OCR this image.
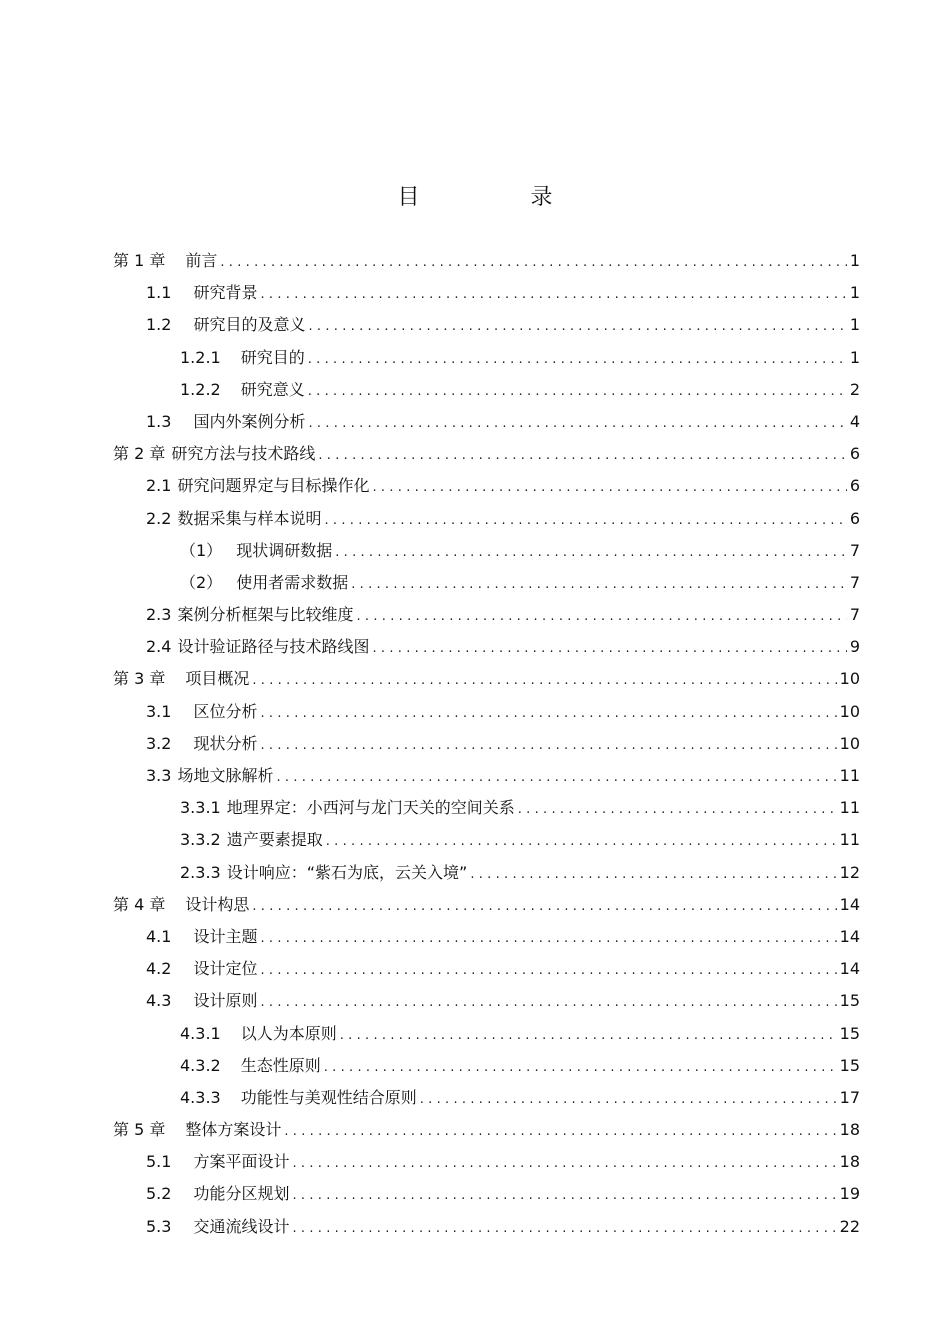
目 录
第 1 章 前言 .....	1
1.1 研究背景 .....	1
1.2 研究目的及意义 .....	1
1.2.1 研究目的 .....	1
1.2.2 研究意义 .....	2
1.3 国内外案例分析 .....	4
第 2 章 研究方法与技术路线 .....	6
2.1 研究问题界定与目标操作化 .....	6
2.2 数据采集与样本说明 .....	6
（1） 现状调研数据 .....	7
（2） 使用者需求数据 .....	7
2.3 案例分析框架与比较维度 .....	7
2.4 设计验证路径与技术路线图 .....	9
第 3 章 项目概况 .....	10
3.1 区位分析 .....	10
3.2 现状分析 .....	10
3.3 场地文脉解析 .....	11
3.3.1 地理界定：小西河与龙门天关的空间关系 .....	11
3.3.2 遗产要素提取 .....	11
2.3.3 设计响应：“紫石为底，云关入境” .....	12
第 4 章 设计构思 .....	14
4.1 设计主题 .....	14
4.2 设计定位 .....	14
4.3 设计原则 .....	15
4.3.1 以人为本原则 .....	15
4.3.2 生态性原则 .....	15
4.3.3 功能性与美观性结合原则 .....	17
第 5 章 整体方案设计 .....	18
5.1 方案平面设计 .....	18
5.2 功能分区规划 .....	19
5.3 交通流线设计 .....	22
